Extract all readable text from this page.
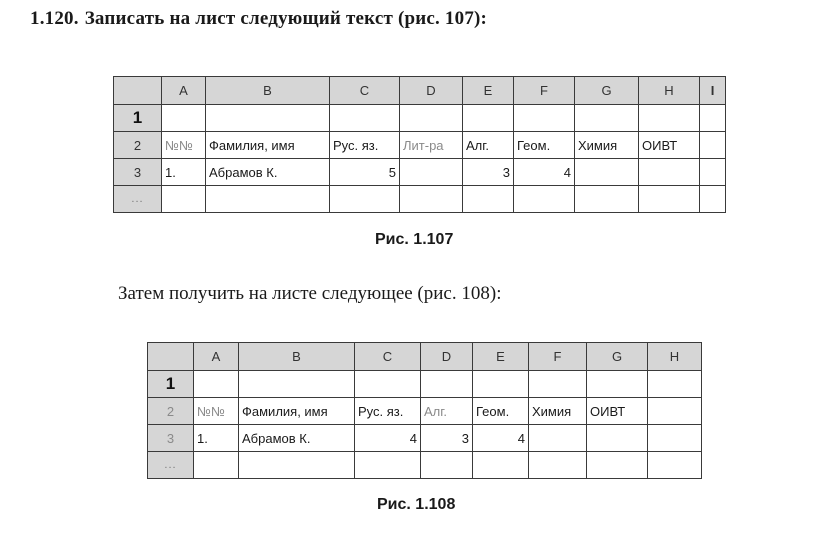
1.120. Записать на лист следующий текст (рис. 107):
	A	B	C	D	E	F	G	H	I
1									
2	№№	Фамилия, имя	Рус. яз.	Лит-ра	Алг.	Геом.	Химия	ОИВТ	
3	1.	Абрамов К.	5		3	4			
...									
Рис. 1.107
Затем получить на листе следующее (рис. 108):
	A	B	C	D	E	F	G	H
1								
2	№№	Фамилия, имя	Рус. яз.	Алг.	Геом.	Химия	ОИВТ	
3	1.	Абрамов К.	4	3	4			
...								
Рис. 1.108
